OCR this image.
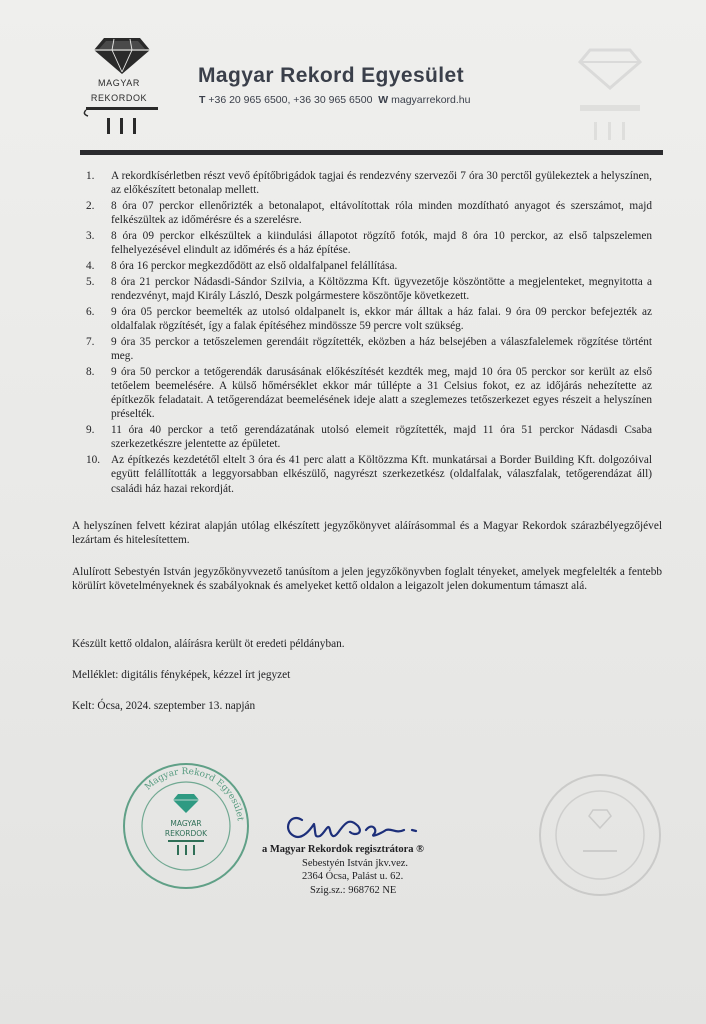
MAGYAR
REKORDOK
Magyar Rekord Egyesület
T +36 20 965 6500, +36 30 965 6500 W magyarrekord.hu
1. A rekordkísérletben részt vevő építőbrigádok tagjai és rendezvény szervezői 7 óra 30 perctől gyülekeztek a helyszínen, az előkészített betonalap mellett.
2. 8 óra 07 perckor ellenőrizték a betonalapot, eltávolítottak róla minden mozdítható anyagot és szerszámot, majd felkészültek az időmérésre és a szerelésre.
3. 8 óra 09 perckor elkészültek a kiindulási állapotot rögzítő fotók, majd 8 óra 10 perckor, az első talpszelemen felhelyezésével elindult az időmérés és a ház építése.
4. 8 óra 16 perckor megkezdődött az első oldalfalpanel felállítása.
5. 8 óra 21 perckor Nádasdi-Sándor Szilvia, a Költözzma Kft. ügyvezetője köszöntötte a megjelenteket, megnyitotta a rendezvényt, majd Király László, Deszk polgármestere köszöntője következett.
6. 9 óra 05 perckor beemelték az utolsó oldalpanelt is, ekkor már álltak a ház falai. 9 óra 09 perckor befejezték az oldalfalak rögzítését, így a falak építéséhez mindössze 59 percre volt szükség.
7. 9 óra 35 perckor a tetőszelemen gerendáit rögzítették, eközben a ház belsejében a válaszfalelemek rögzítése történt meg.
8. 9 óra 50 perckor a tetőgerendák darusásának előkészítését kezdték meg, majd 10 óra 05 perckor sor került az első tetőelem beemelésére. A külső hőmérséklet ekkor már túllépte a 31 Celsius fokot, ez az időjárás nehezítette az építkezők feladatait. A tetőgerendázat beemelésének ideje alatt a szeglemezes tetőszerkezet egyes részeit a helyszínen préselték.
9. 11 óra 40 perckor a tető gerendázatának utolsó elemeit rögzítették, majd 11 óra 51 perckor Nádasdi Csaba szerkezetkészre jelentette az épületet.
10. Az építkezés kezdetétől eltelt 3 óra és 41 perc alatt a Költözzma Kft. munkatársai a Border Building Kft. dolgozóival együtt felállították a leggyorsabban elkészülő, nagyrészt szerkezetkész (oldalfalak, válaszfalak, tetőgerendázat áll) családi ház hazai rekordját.

A helyszínen felvett kézirat alapján utólag elkészített jegyzőkönyvet aláírásommal és a Magyar Rekordok szárazbélyegzőjével lezártam és hitelesítettem.

Alulírott Sebestyén István jegyzőkönyvvezető tanúsítom a jelen jegyzőkönyvben foglalt tényeket, amelyek megfelelték a fentebb körülírt követelményeknek és szabályoknak és amelyeket kettő oldalon a leigazolt jelen dokumentum támaszt alá.

Készült kettő oldalon, aláírásra került öt eredeti példányban.

Melléklet: digitális fényképek, kézzel írt jegyzet

Kelt: Ócsa, 2024. szeptember 13. napján

Magyar Rekord Egyesület
MAGYAR
REKORDOK
a Magyar Rekordok regisztrátora ®
Sebestyén István jkv.vez.
2364 Ócsa, Palást u. 62.
Szig.sz.: 968762 NE
